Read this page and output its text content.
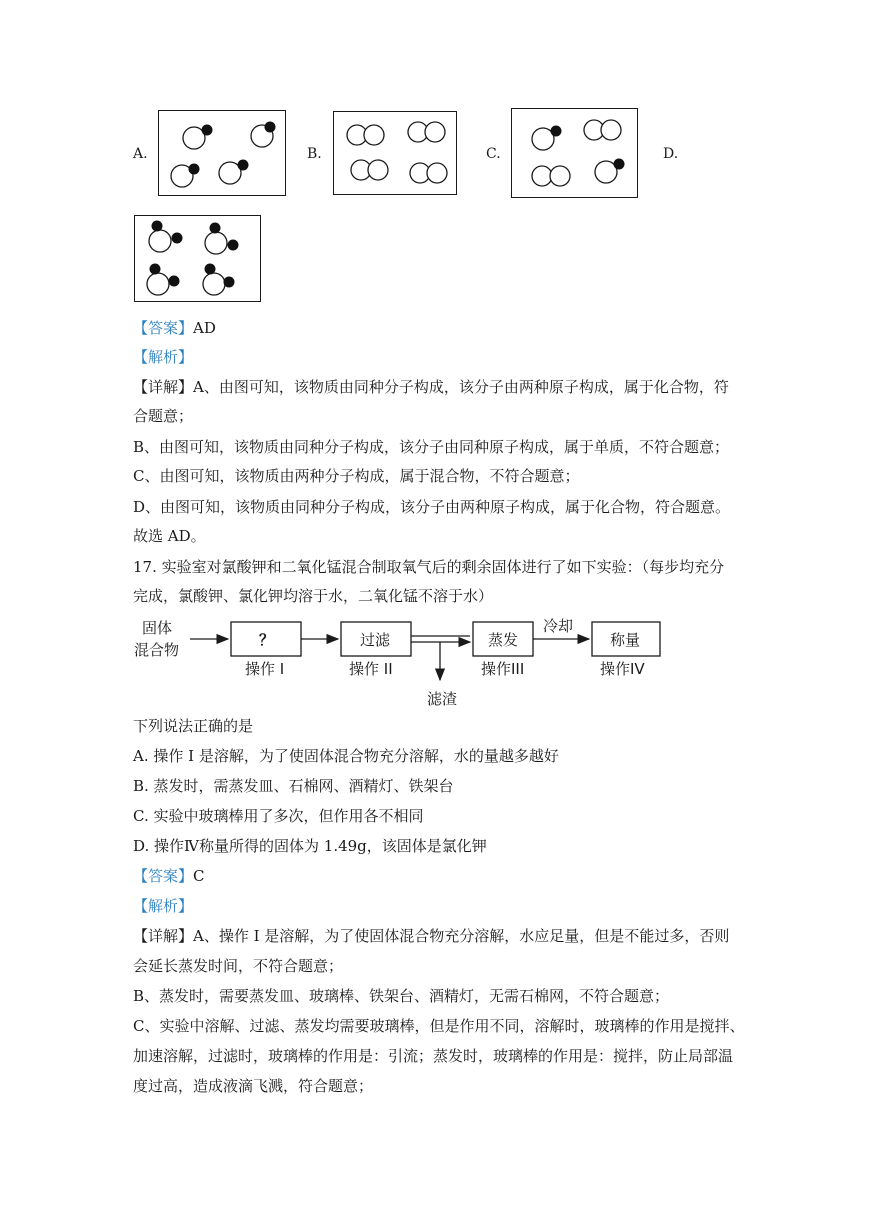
A.	B.	C.	D.
【答案】AD
【解析】
【详解】A、由图可知，该物质由同种分子构成，该分子由两种原子构成，属于化合物，符
合题意；
B、由图可知，该物质由同种分子构成，该分子由同种原子构成，属于单质，不符合题意；
C、由图可知，该物质由两种分子构成，属于混合物，不符合题意；
D、由图可知，该物质由同种分子构成，该分子由两种原子构成，属于化合物，符合题意。
故选 AD。
17. 实验室对氯酸钾和二氧化锰混合制取氧气后的剩余固体进行了如下实验：（每步均充分
完成，氯酸钾、氯化钾均溶于水，二氧化锰不溶于水）
固体
混合物
？
操作 I
过滤
操作 II
滤渣
蒸发
操作III
冷却
称量
操作IV
下列说法正确的是
A. 操作 I 是溶解，为了使固体混合物充分溶解，水的量越多越好
B. 蒸发时，需蒸发皿、石棉网、酒精灯、铁架台
C. 实验中玻璃棒用了多次，但作用各不相同
D. 操作Ⅳ称量所得的固体为 1.49g，该固体是氯化钾
【答案】C
【解析】
【详解】A、操作 I 是溶解，为了使固体混合物充分溶解，水应足量，但是不能过多，否则
会延长蒸发时间，不符合题意；
B、蒸发时，需要蒸发皿、玻璃棒、铁架台、酒精灯，无需石棉网，不符合题意；
C、实验中溶解、过滤、蒸发均需要玻璃棒，但是作用不同，溶解时，玻璃棒的作用是搅拌、
加速溶解，过滤时，玻璃棒的作用是：引流；蒸发时，玻璃棒的作用是：搅拌，防止局部温
度过高，造成液滴飞溅，符合题意；
